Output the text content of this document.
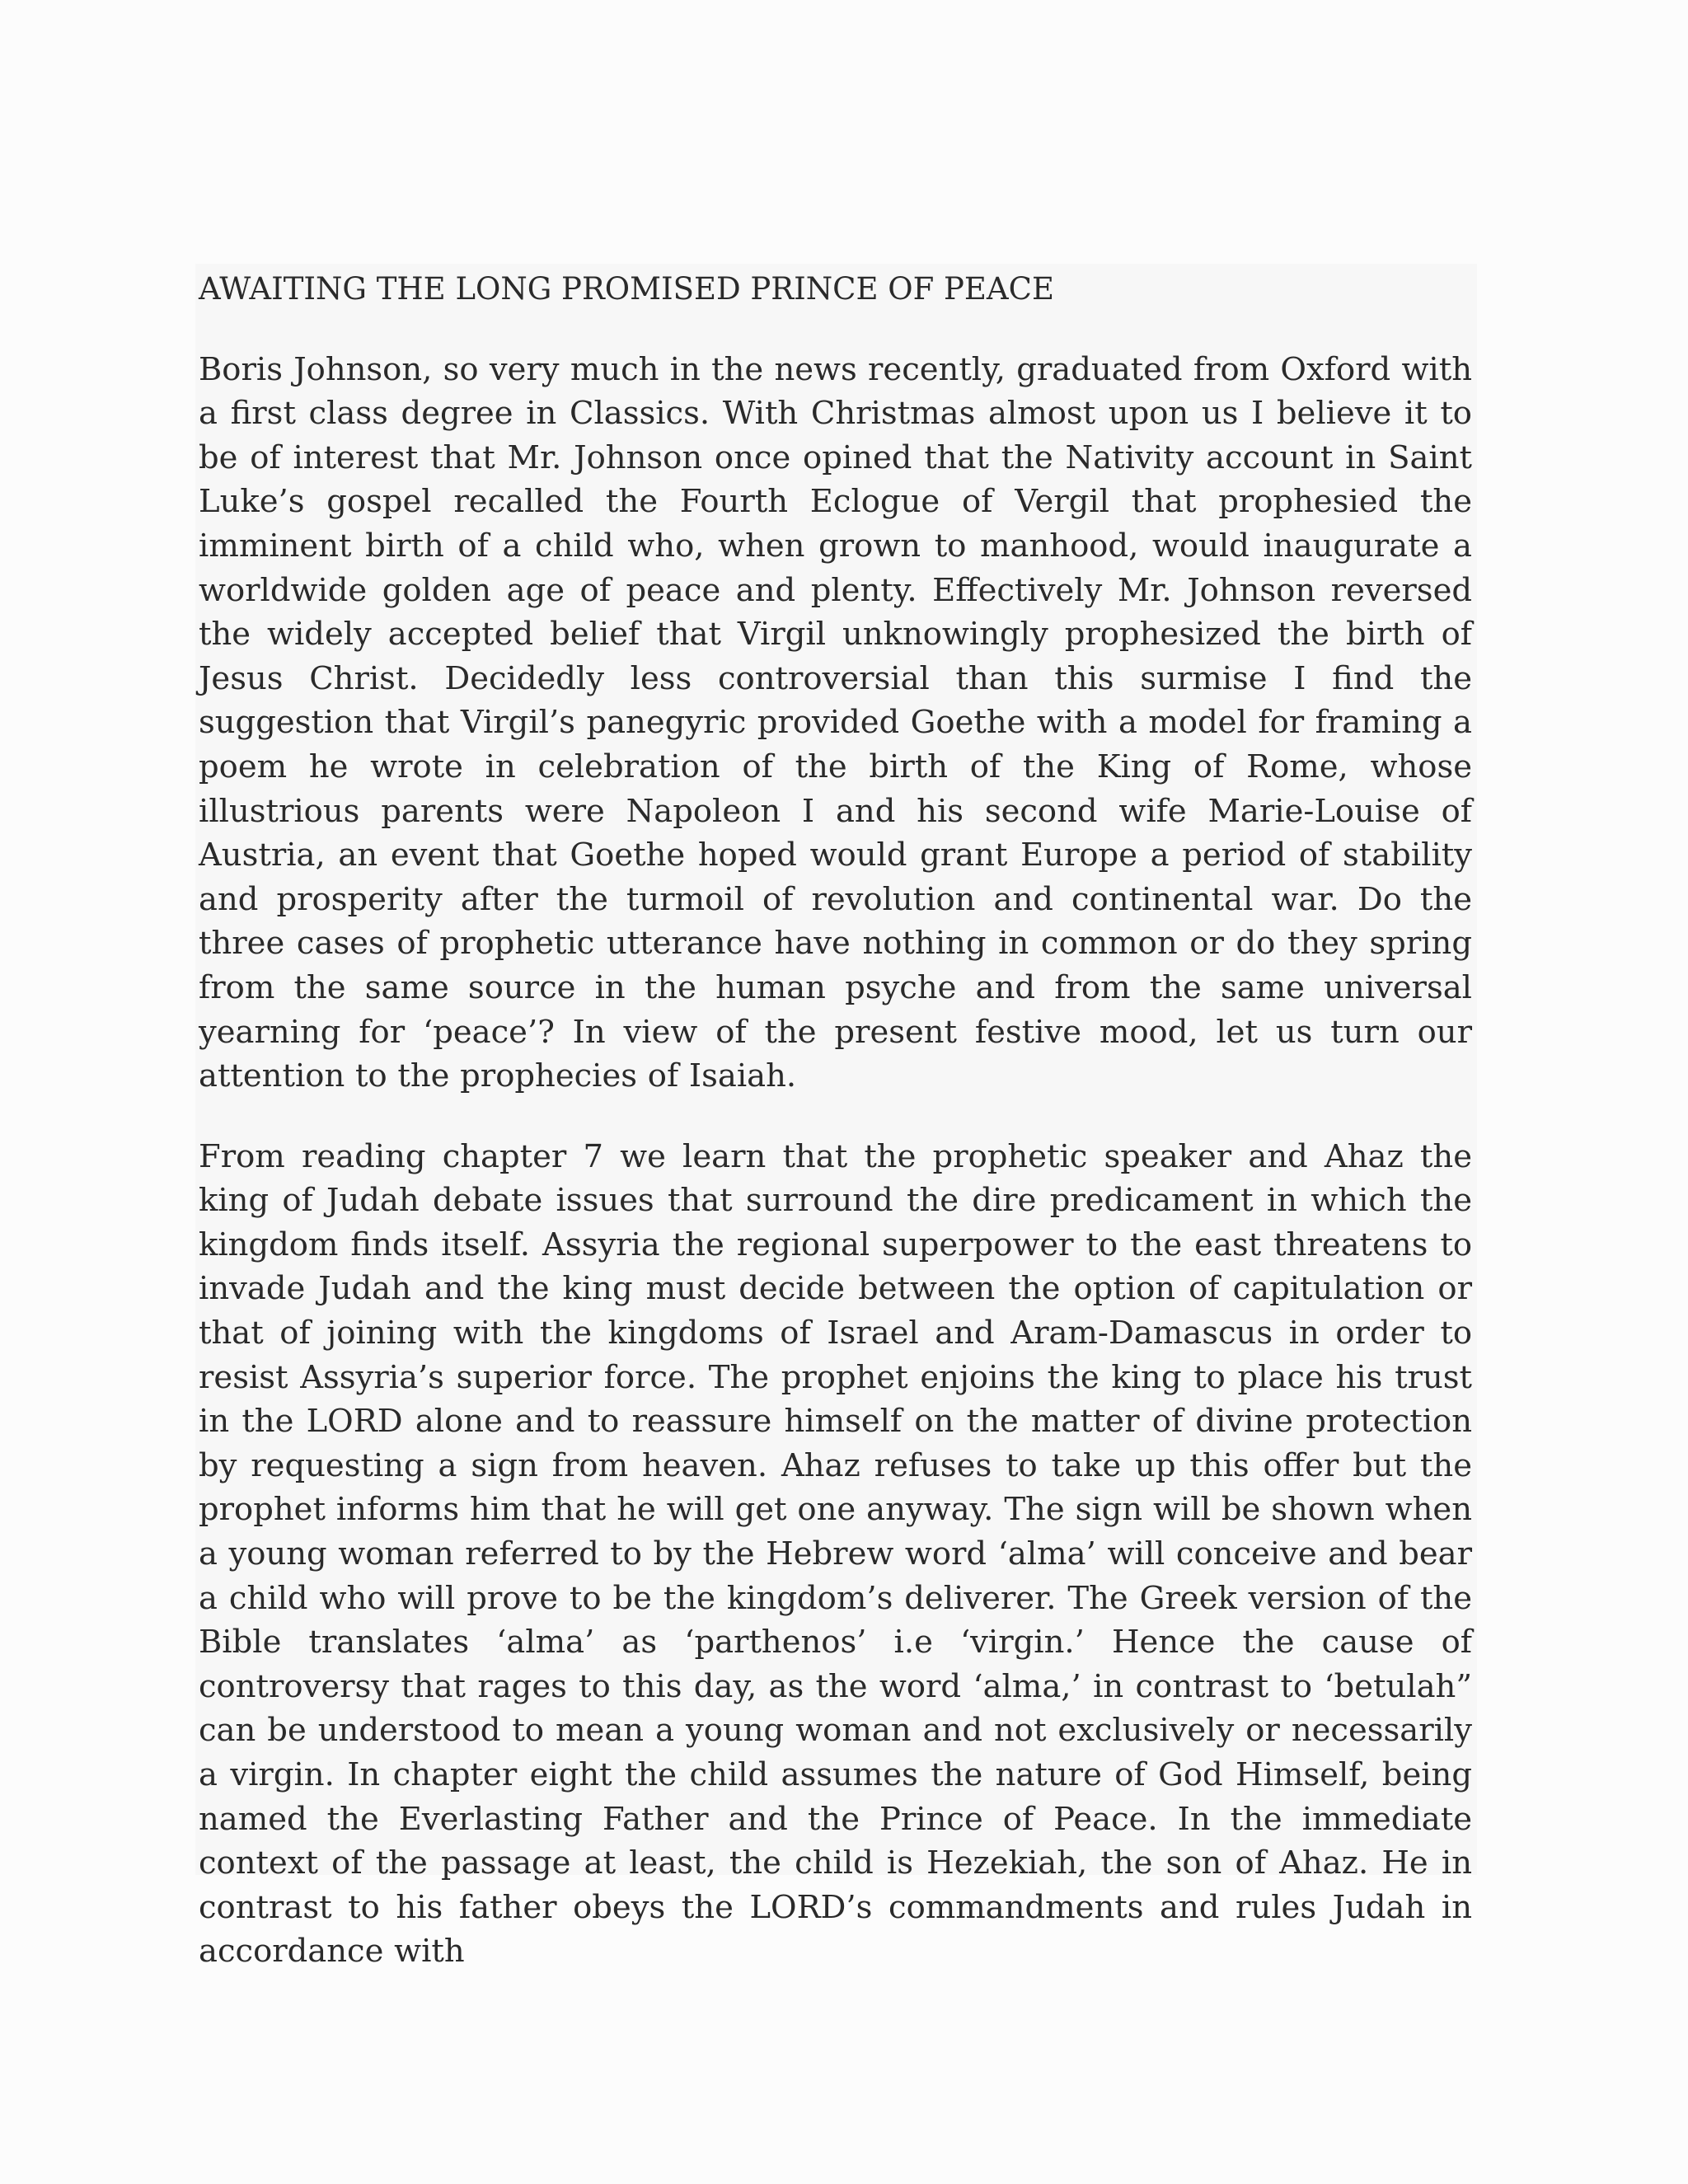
AWAITING THE LONG PROMISED PRINCE OF PEACE

Boris Johnson, so very much in the news recently, graduated from Oxford with a first class degree in Classics. With Christmas almost upon us I believe it to be of interest that Mr. Johnson once opined that the Nativity account in Saint Luke’s gospel recalled the Fourth Eclogue of Vergil that prophesied the imminent birth of a child who, when grown to manhood, would inaugurate a worldwide golden age of peace and plenty. Effectively Mr. Johnson reversed the widely accepted belief that Virgil unknowingly prophesized the birth of Jesus Christ. Decidedly less controversial than this surmise I find the suggestion that Virgil’s panegyric provided Goethe with a model for framing a poem he wrote in celebration of the birth of the King of Rome, whose illustrious parents were Napoleon I and his second wife Marie-Louise of Austria, an event that Goethe hoped would grant Europe a period of stability and prosperity after the turmoil of revolution and continental war. Do the three cases of prophetic utterance have nothing in common or do they spring from the same source in the human psyche and from the same universal yearning for ‘peace’? In view of the present festive mood, let us turn our attention to the prophecies of Isaiah.

From reading chapter 7 we learn that the prophetic speaker and Ahaz the king of Judah debate issues that surround the dire predicament in which the kingdom finds itself. Assyria the regional superpower to the east threatens to invade Judah and the king must decide between the option of capitulation or that of joining with the kingdoms of Israel and Aram-Damascus in order to resist Assyria’s superior force. The prophet enjoins the king to place his trust in the LORD alone and to reassure himself on the matter of divine protection by requesting a sign from heaven. Ahaz refuses to take up this offer but the prophet informs him that he will get one anyway. The sign will be shown when a young woman referred to by the Hebrew word ‘alma’ will conceive and bear a child who will prove to be the kingdom’s deliverer. The Greek version of the Bible translates ‘alma’ as ‘parthenos’ i.e ‘virgin.’ Hence the cause of controversy that rages to this day, as the word ‘alma,’ in contrast to ‘betulah” can be understood to mean a young woman and not exclusively or necessarily a virgin. In chapter eight the child assumes the nature of God Himself, being named the Everlasting Father and the Prince of Peace. In the immediate context of the passage at least, the child is Hezekiah, the son of Ahaz. He in contrast to his father obeys the LORD’s commandments and rules Judah in accordance with
